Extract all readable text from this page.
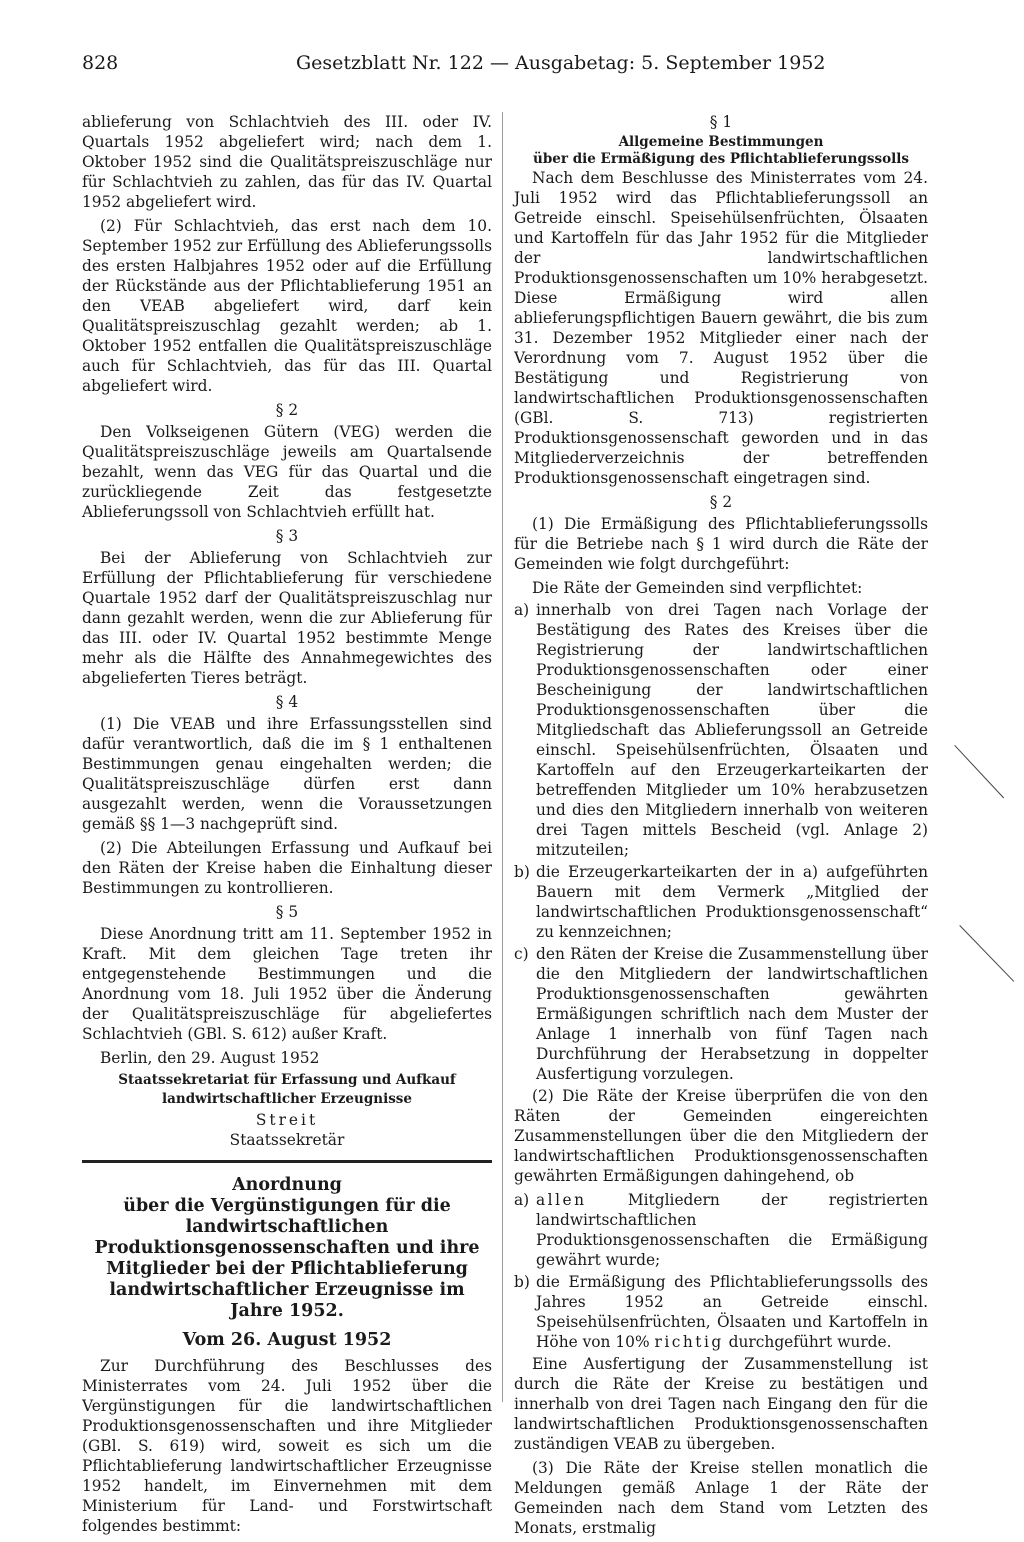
828	Gesetzblatt Nr. 122 — Ausgabetag: 5. September 1952

ablieferung von Schlachtvieh des III. oder IV. Quartals 1952 abgeliefert wird; nach dem 1. Oktober 1952 sind die Qualitätspreiszuschläge nur für Schlachtvieh zu zahlen, das für das IV. Quartal 1952 abgeliefert wird.

(2) Für Schlachtvieh, das erst nach dem 10. September 1952 zur Erfüllung des Ablieferungssolls des ersten Halbjahres 1952 oder auf die Erfüllung der Rückstände aus der Pflichtablieferung 1951 an den VEAB abgeliefert wird, darf kein Qualitätspreiszuschlag gezahlt werden; ab 1. Oktober 1952 entfallen die Qualitätspreiszuschläge auch für Schlachtvieh, das für das III. Quartal abgeliefert wird.

§ 2

Den Volkseigenen Gütern (VEG) werden die Qualitätspreiszuschläge jeweils am Quartalsende bezahlt, wenn das VEG für das Quartal und die zurückliegende Zeit das festgesetzte Ablieferungssoll von Schlachtvieh erfüllt hat.

§ 3

Bei der Ablieferung von Schlachtvieh zur Erfüllung der Pflichtablieferung für verschiedene Quartale 1952 darf der Qualitätspreiszuschlag nur dann gezahlt werden, wenn die zur Ablieferung für das III. oder IV. Quartal 1952 bestimmte Menge mehr als die Hälfte des Annahmegewichtes des abgelieferten Tieres beträgt.

§ 4

(1) Die VEAB und ihre Erfassungsstellen sind dafür verantwortlich, daß die im § 1 enthaltenen Bestimmungen genau eingehalten werden; die Qualitätspreiszuschläge dürfen erst dann ausgezahlt werden, wenn die Voraussetzungen gemäß §§ 1—3 nachgeprüft sind.

(2) Die Abteilungen Erfassung und Aufkauf bei den Räten der Kreise haben die Einhaltung dieser Bestimmungen zu kontrollieren.

§ 5

Diese Anordnung tritt am 11. September 1952 in Kraft. Mit dem gleichen Tage treten ihr entgegenstehende Bestimmungen und die Anordnung vom 18. Juli 1952 über die Änderung der Qualitätspreiszuschläge für abgeliefertes Schlachtvieh (GBl. S. 612) außer Kraft.

Berlin, den 29. August 1952

Staatssekretariat für Erfassung und Aufkauf
landwirtschaftlicher Erzeugnisse
Streit
Staatssekretär
Anordnung
über die Vergünstigungen für die landwirtschaftlichen Produktionsgenossenschaften und ihre Mitglieder bei der Pflichtablieferung landwirtschaftlicher Erzeugnisse im Jahre 1952.
Vom 26. August 1952

Zur Durchführung des Beschlusses des Ministerrates vom 24. Juli 1952 über die Vergünstigungen für die landwirtschaftlichen Produktionsgenossenschaften und ihre Mitglieder (GBl. S. 619) wird, soweit es sich um die Pflichtablieferung landwirtschaftlicher Erzeugnisse 1952 handelt, im Einvernehmen mit dem Ministerium für Land- und Forstwirtschaft folgendes bestimmt:

§ 1
Allgemeine Bestimmungen
über die Ermäßigung des Pflichtablieferungssolls

Nach dem Beschlusse des Ministerrates vom 24. Juli 1952 wird das Pflichtablieferungssoll an Getreide einschl. Speisehülsenfrüchten, Ölsaaten und Kartoffeln für das Jahr 1952 für die Mitglieder der landwirtschaftlichen Produktionsgenossenschaften um 10% herabgesetzt. Diese Ermäßigung wird allen ablieferungspflichtigen Bauern gewährt, die bis zum 31. Dezember 1952 Mitglieder einer nach der Verordnung vom 7. August 1952 über die Bestätigung und Registrierung von landwirtschaftlichen Produktionsgenossenschaften (GBl. S. 713) registrierten Produktionsgenossenschaft geworden und in das Mitgliederverzeichnis der betreffenden Produktionsgenossenschaft eingetragen sind.

§ 2

(1) Die Ermäßigung des Pflichtablieferungssolls für die Betriebe nach § 1 wird durch die Räte der Gemeinden wie folgt durchgeführt:

Die Räte der Gemeinden sind verpflichtet:

a) innerhalb von drei Tagen nach Vorlage der Bestätigung des Rates des Kreises über die Registrierung der landwirtschaftlichen Produktionsgenossenschaften oder einer Bescheinigung der landwirtschaftlichen Produktionsgenossenschaften über die Mitgliedschaft das Ablieferungssoll an Getreide einschl. Speisehülsenfrüchten, Ölsaaten und Kartoffeln auf den Erzeugerkarteikarten der betreffenden Mitglieder um 10% herabzusetzen und dies den Mitgliedern innerhalb von weiteren drei Tagen mittels Bescheid (vgl. Anlage 2) mitzuteilen;
b) die Erzeugerkarteikarten der in a) aufgeführten Bauern mit dem Vermerk „Mitglied der landwirtschaftlichen Produktionsgenossenschaft“ zu kennzeichnen;
c) den Räten der Kreise die Zusammenstellung über die den Mitgliedern der landwirtschaftlichen Produktionsgenossenschaften gewährten Ermäßigungen schriftlich nach dem Muster der Anlage 1 innerhalb von fünf Tagen nach Durchführung der Herabsetzung in doppelter Ausfertigung vorzulegen.

(2) Die Räte der Kreise überprüfen die von den Räten der Gemeinden eingereichten Zusammenstellungen über die den Mitgliedern der landwirtschaftlichen Produktionsgenossenschaften gewährten Ermäßigungen dahingehend, ob

a) allen	Mitgliedern der registrierten landwirtschaftlichen Produktionsgenossenschaften die Ermäßigung gewährt wurde;
b) die Ermäßigung des Pflichtablieferungssolls des Jahres 1952 an Getreide einschl. Speisehülsenfrüchten, Ölsaaten und Kartoffeln in Höhe von 10% richtig durchgeführt wurde.

Eine Ausfertigung der Zusammenstellung ist durch die Räte der Kreise zu bestätigen und innerhalb von drei Tagen nach Eingang den für die landwirtschaftlichen Produktionsgenossenschaften zuständigen VEAB zu übergeben.

(3) Die Räte der Kreise stellen monatlich die Meldungen gemäß Anlage 1 der Räte der Gemeinden nach dem Stand vom Letzten des Monats, erstmalig
